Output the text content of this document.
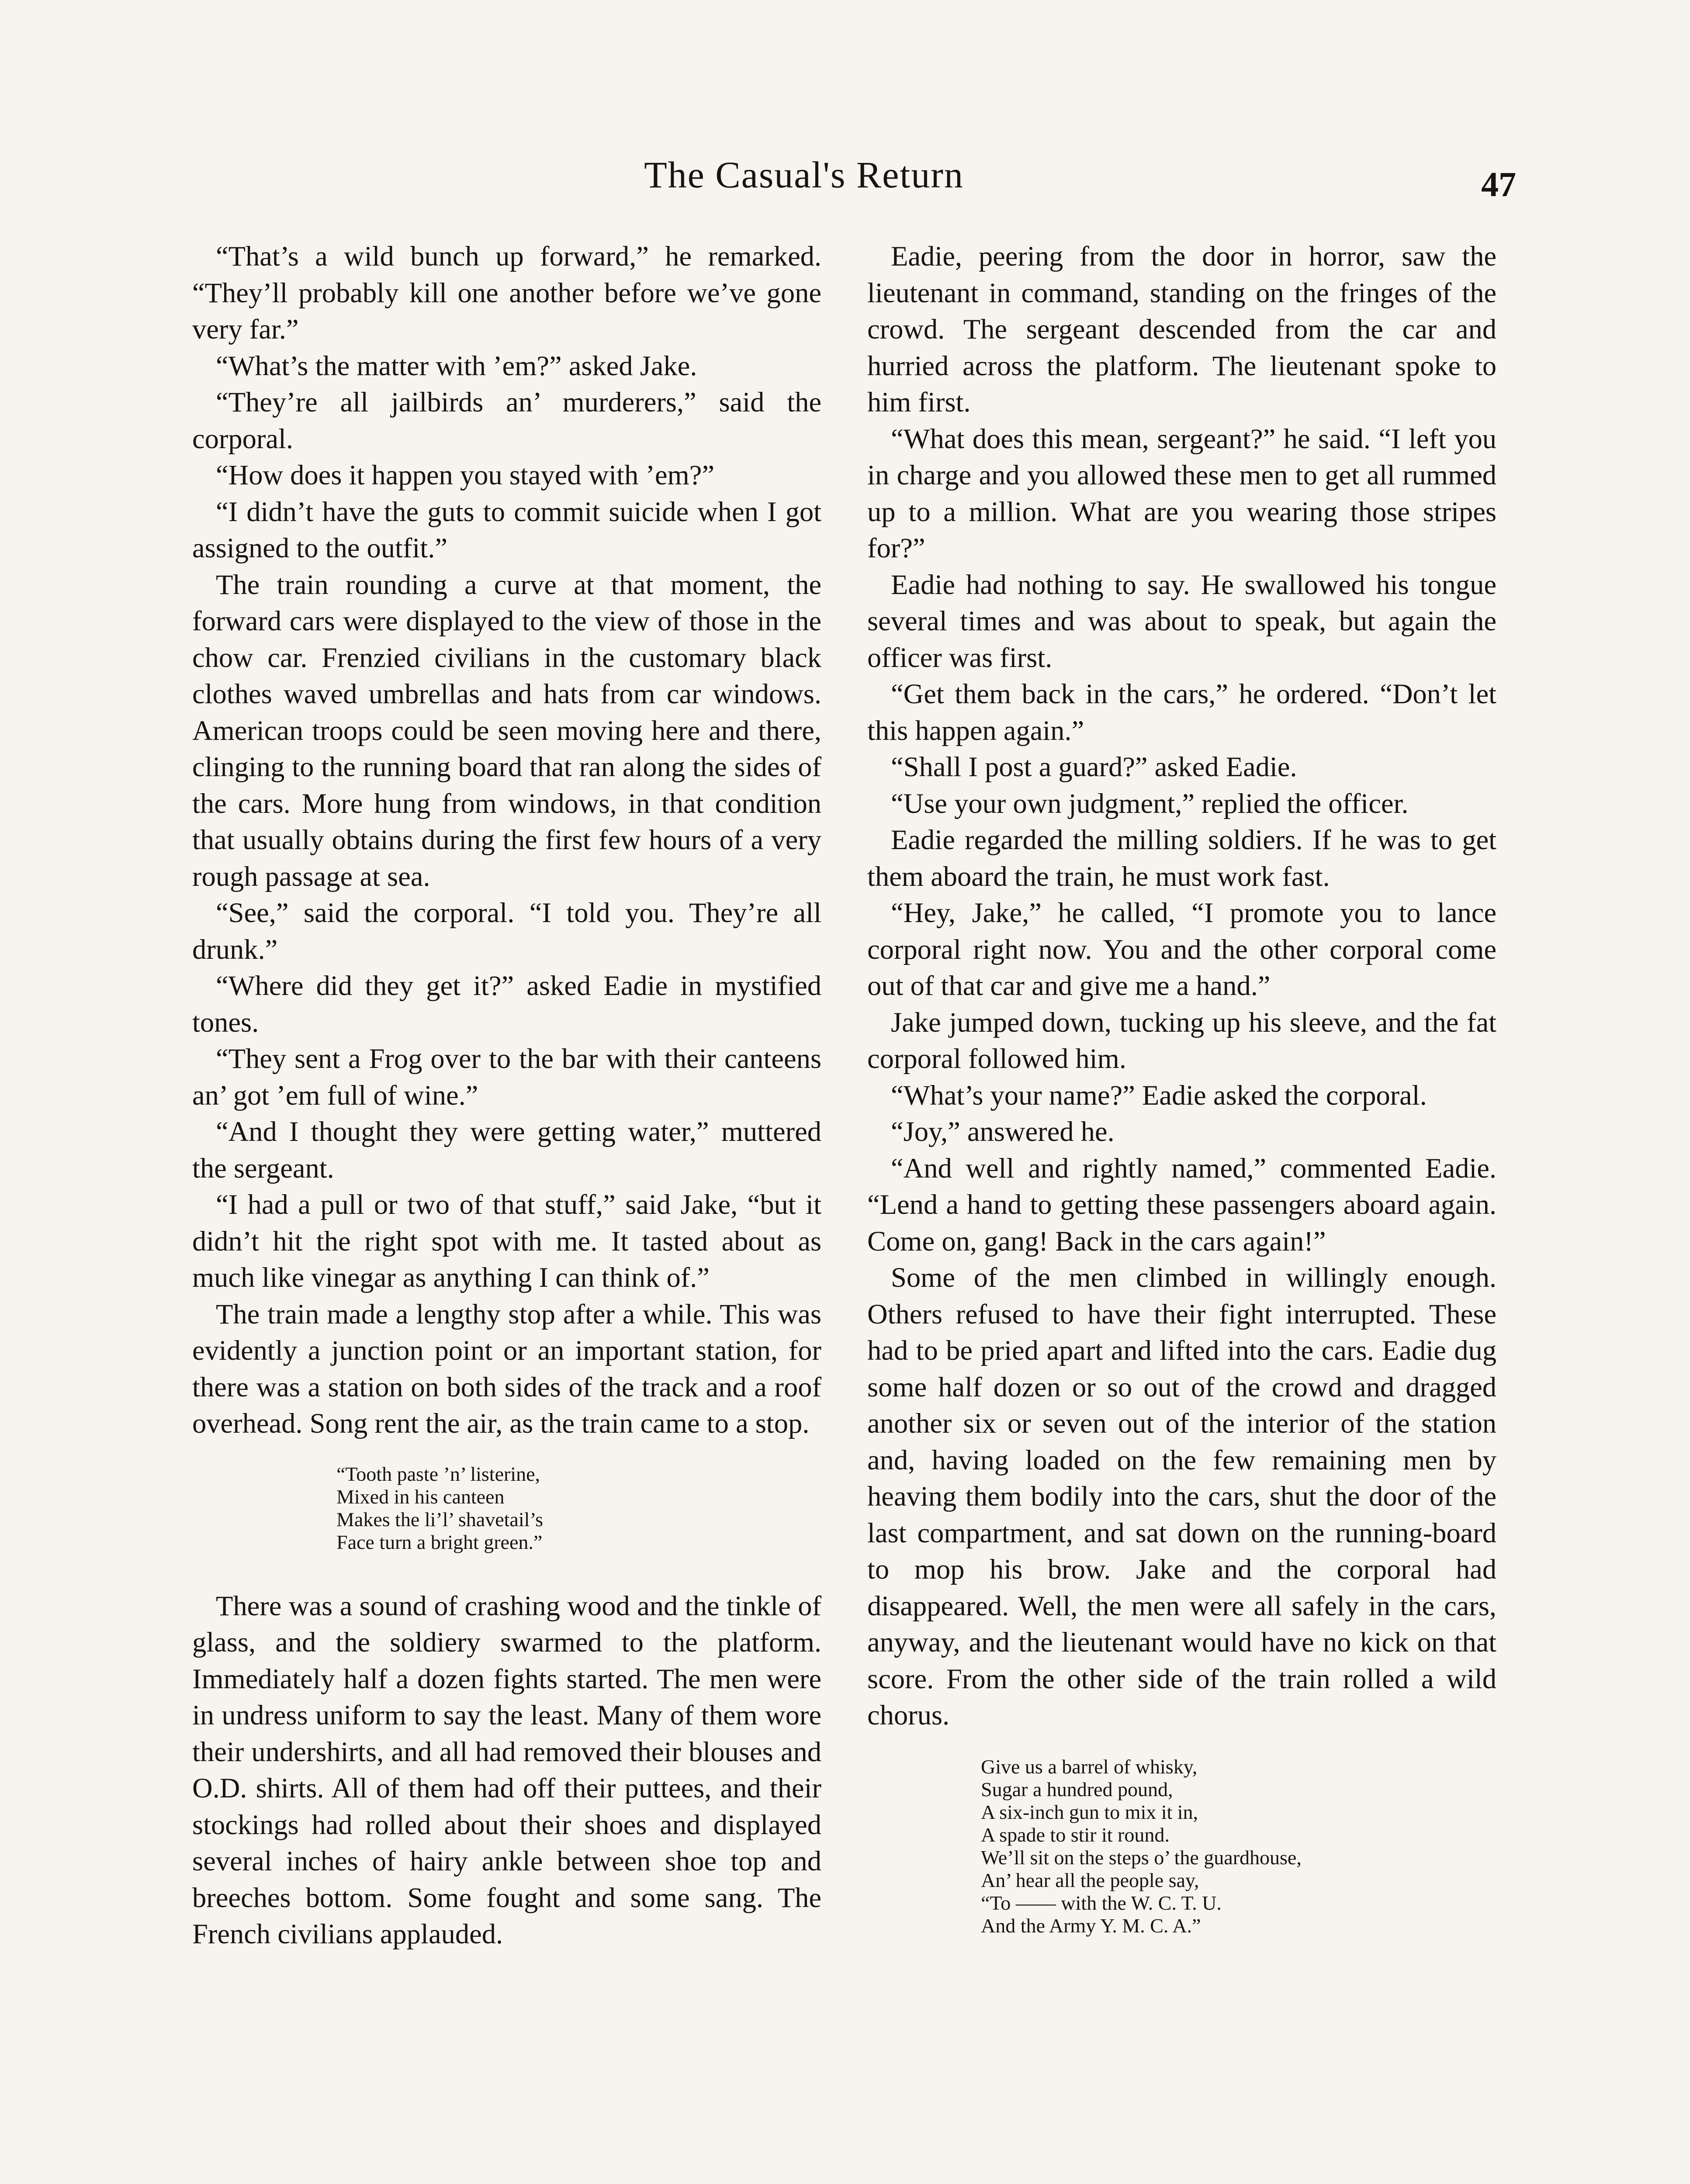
The Casual's Return	47

“That’s a wild bunch up forward,” he remarked. “They’ll probably kill one another before we’ve gone very far.”

“What’s the matter with ’em?” asked Jake.

“They’re all jailbirds an’ murderers,” said the corporal.

“How does it happen you stayed with ’em?”

“I didn’t have the guts to commit suicide when I got assigned to the outfit.”

The train rounding a curve at that moment, the forward cars were displayed to the view of those in the chow car. Frenzied civilians in the customary black clothes waved umbrellas and hats from car windows. American troops could be seen moving here and there, clinging to the running board that ran along the sides of the cars. More hung from windows, in that condition that usually obtains during the first few hours of a very rough passage at sea.

“See,” said the corporal. “I told you. They’re all drunk.”

“Where did they get it?” asked Eadie in mystified tones.

“They sent a Frog over to the bar with their canteens an’ got ’em full of wine.”

“And I thought they were getting water,” muttered the sergeant.

“I had a pull or two of that stuff,” said Jake, “but it didn’t hit the right spot with me. It tasted about as much like vinegar as anything I can think of.”

The train made a lengthy stop after a while. This was evidently a junction point or an important station, for there was a station on both sides of the track and a roof overhead. Song rent the air, as the train came to a stop.

“Tooth paste ’n’ listerine,
Mixed in his canteen
Makes the li’l’ shavetail’s
Face turn a bright green.”

There was a sound of crashing wood and the tinkle of glass, and the soldiery swarmed to the platform. Immediately half a dozen fights started. The men were in undress uniform to say the least. Many of them wore their undershirts, and all had removed their blouses and O.D. shirts. All of them had off their puttees, and their stockings had rolled about their shoes and displayed several inches of hairy ankle between shoe top and breeches bottom. Some fought and some sang. The French civilians applauded.

Eadie, peering from the door in horror, saw the lieutenant in command, standing on the fringes of the crowd. The sergeant descended from the car and hurried across the platform. The lieutenant spoke to him first.

“What does this mean, sergeant?” he said. “I left you in charge and you allowed these men to get all rummed up to a million. What are you wearing those stripes for?”

Eadie had nothing to say. He swallowed his tongue several times and was about to speak, but again the officer was first.

“Get them back in the cars,” he ordered. “Don’t let this happen again.”

“Shall I post a guard?” asked Eadie.

“Use your own judgment,” replied the officer.

Eadie regarded the milling soldiers. If he was to get them aboard the train, he must work fast.

“Hey, Jake,” he called, “I promote you to lance corporal right now. You and the other corporal come out of that car and give me a hand.”

Jake jumped down, tucking up his sleeve, and the fat corporal followed him.

“What’s your name?” Eadie asked the corporal.

“Joy,” answered he.

“And well and rightly named,” commented Eadie. “Lend a hand to getting these passengers aboard again. Come on, gang! Back in the cars again!”

Some of the men climbed in willingly enough. Others refused to have their fight interrupted. These had to be pried apart and lifted into the cars. Eadie dug some half dozen or so out of the crowd and dragged another six or seven out of the interior of the station and, having loaded on the few remaining men by heaving them bodily into the cars, shut the door of the last compartment, and sat down on the running-board to mop his brow. Jake and the corporal had disappeared. Well, the men were all safely in the cars, anyway, and the lieutenant would have no kick on that score. From the other side of the train rolled a wild chorus.

Give us a barrel of whisky,
Sugar a hundred pound,
A six-inch gun to mix it in,
A spade to stir it round.
We’ll sit on the steps o’ the guardhouse,
An’ hear all the people say,
“To —— with the W. C. T. U.
And the Army Y. M. C. A.”
